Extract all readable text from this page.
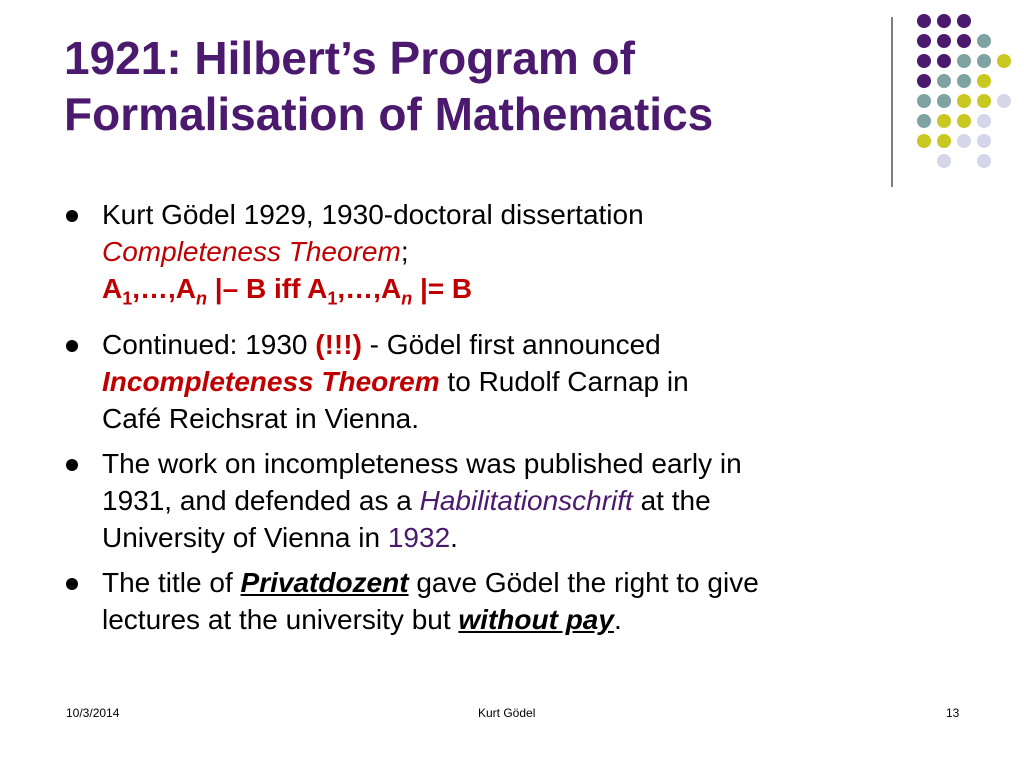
1921: Hilbert’s Program of
Formalisation of Mathematics
Kurt Gödel 1929, 1930-doctoral dissertation
Completeness Theorem;
$A_1,\dots,A_n$ |– B iff $A_1,\dots,A_n$ |= B
Continued: 1930 (!!!) - Gödel first announced
Incompleteness Theorem to Rudolf Carnap in
Café Reichsrat in Vienna.
The work on incompleteness was published early in
1931, and defended as a Habilitationschrift at the
University of Vienna in 1932.
The title of Privatdozent gave Gödel the right to give
lectures at the university but without pay.
10/3/2014	Kurt Gödel	13
